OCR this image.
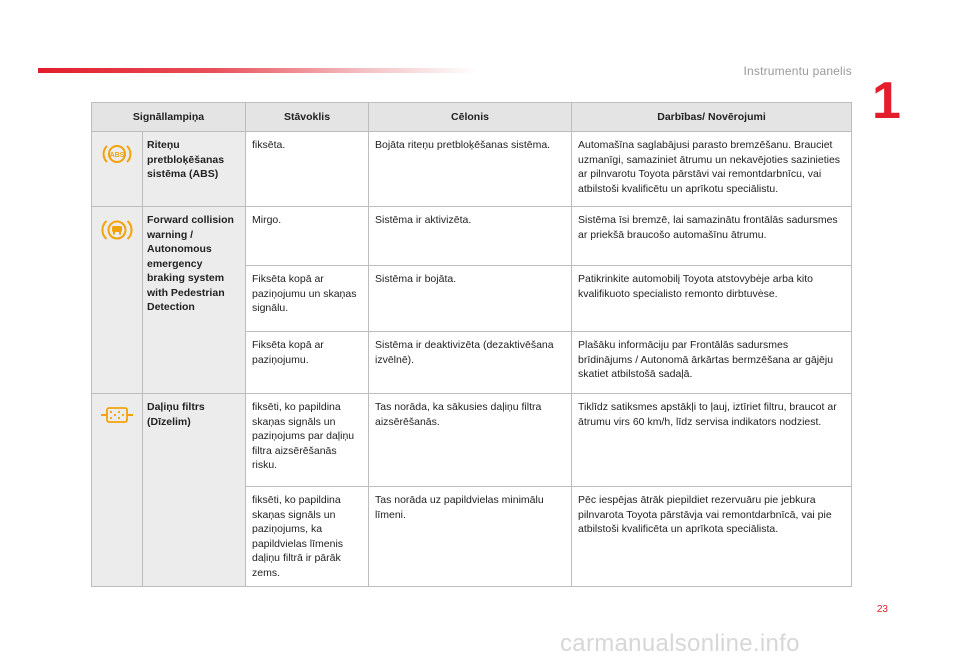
Instrumentu panelis
1
Signāllampiņa		Stāvoklis	Cēlonis	Darbības/ Novērojumi

ABS	Riteņu pretbloķēšanas sistēma (ABS)	fiksēta.	Bojāta riteņu pretbloķēšanas sistēma.	Automašīna saglabājusi parasto bremzēšanu. Brauciet uzmanīgi, samaziniet ātrumu un nekavējoties sazinieties ar pilnvarotu Toyota pārstāvi vai remontdarbnīcu, vai atbilstoši kvalificētu un aprīkotu speciālistu.
	Forward collision warning / Autonomous emergency braking system with Pedestrian Detection	Mirgo.	Sistēma ir aktivizēta.	Sistēma īsi bremzē, lai samazinātu frontālās sadursmes ar priekšā braucošo automašīnu ātrumu.
		Fiksēta kopā ar paziņojumu un skaņas signālu.	Sistēma ir bojāta.	Patikrinkite automobilį Toyota atstovybėje arba kito kvalifikuoto specialisto remonto dirbtuvėse.
		Fiksēta kopā ar paziņojumu.	Sistēma ir deaktivizēta (dezaktivēšana izvēlnē).	Plašāku informāciju par Frontālās sadursmes brīdinājums / Autonomā ārkārtas bermzēšana ar gājēju skatiet atbilstošā sadaļā.
	Daļiņu filtrs (Dīzelim)	fiksēti, ko papildina skaņas signāls un paziņojums par daļiņu filtra aizsērēšanās risku.	Tas norāda, ka sākusies daļiņu filtra aizsērēšanās.	Tiklīdz satiksmes apstākļi to ļauj, iztīriet filtru, braucot ar ātrumu virs 60 km/h, līdz servisa indikators nodziest.
		fiksēti, ko papildina skaņas signāls un paziņojums, ka papildvielas līmenis daļiņu filtrā ir pārāk zems.	Tas norāda uz papildvielas minimālu līmeni.	Pēc iespējas ātrāk piepildiet rezervuāru pie jebkura pilnvarota Toyota pārstāvja vai remontdarbnīcā, vai pie atbilstoši kvalificēta un aprīkota speciālista.
23
carmanualsonline.info
